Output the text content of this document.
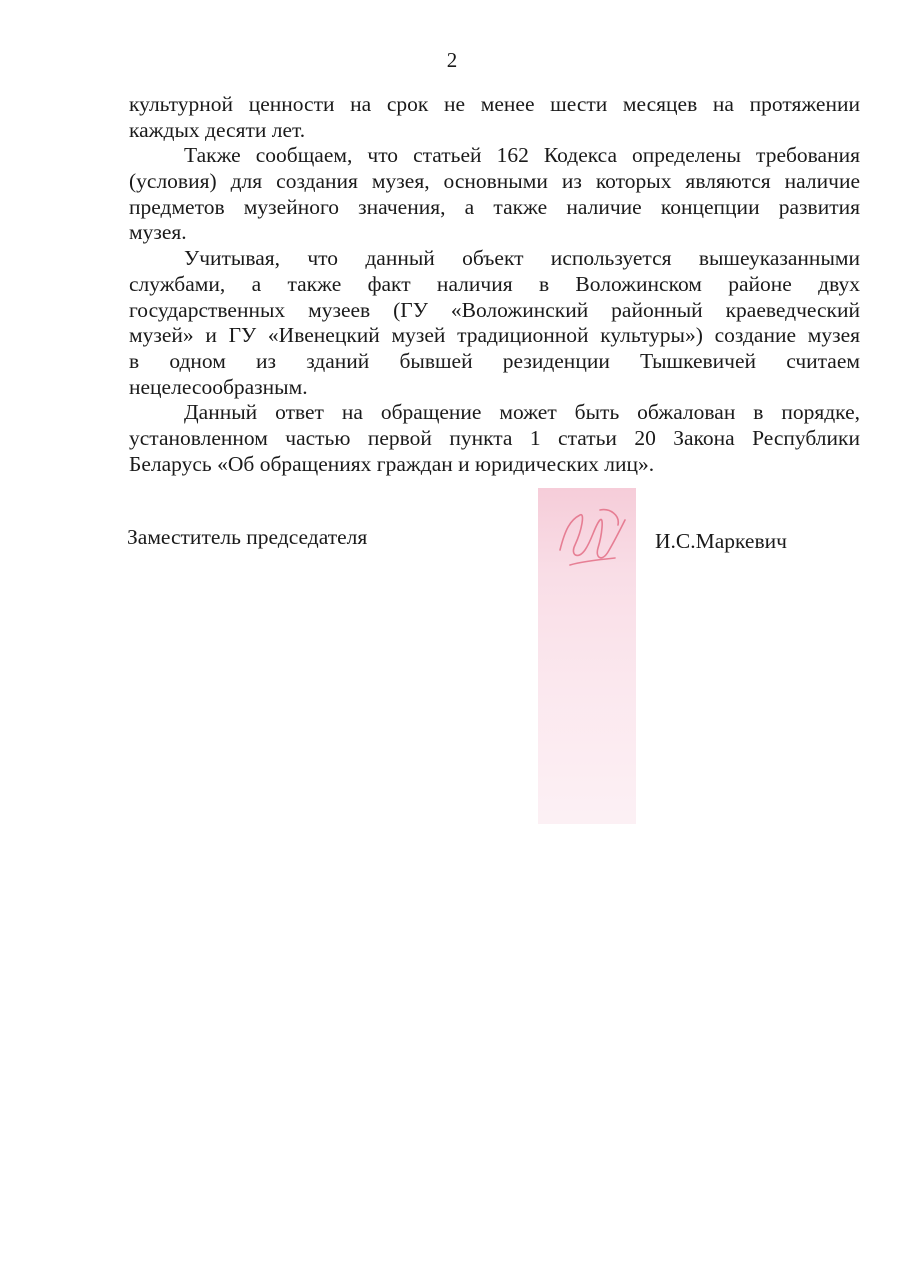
2

культурной ценности на срок не менее шести месяцев на протяжении
каждых десяти лет.

Также сообщаем, что статьей 162 Кодекса определены требования
(условия) для создания музея, основными из которых являются наличие
предметов музейного значения, а также наличие концепции развития
музея.

Учитывая, что данный объект используется вышеуказанными
службами, а также факт наличия в Воложинском районе двух
государственных музеев (ГУ «Воложинский районный краеведческий
музей» и ГУ «Ивенецкий музей традиционной культуры») создание музея
в одном из зданий бывшей резиденции Тышкевичей считаем
нецелесообразным.

Данный ответ на обращение может быть обжалован в порядке,
установленном частью первой пункта 1 статьи 20 Закона Республики
Беларусь «Об обращениях граждан и юридических лиц».

Заместитель председателя	И.С.Маркевич
